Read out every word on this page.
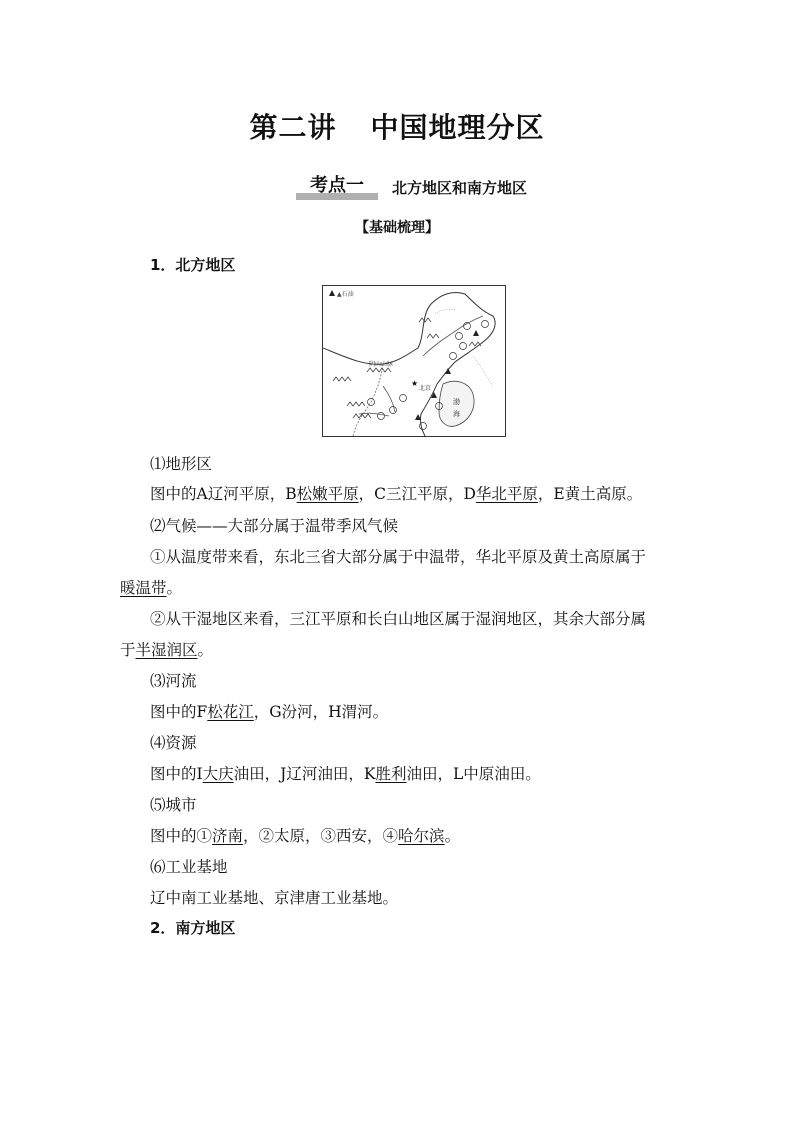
第二讲 中国地理分区
考点一	北方地区和南方地区
【基础梳理】
1．北方地区
▲石油
渤
海
阴山山脉
★
北京
⑴地形区
图中的A辽河平原，B松嫩平原，C三江平原，D华北平原，E黄土高原。
⑵气候——大部分属于温带季风气候
①从温度带来看，东北三省大部分属于中温带，华北平原及黄土高原属于
暖温带。
②从干湿地区来看，三江平原和长白山地区属于湿润地区，其余大部分属
于半湿润区。
⑶河流
图中的F松花江，G汾河，H渭河。
⑷资源
图中的I大庆油田，J辽河油田，K胜利油田，L中原油田。
⑸城市
图中的①济南，②太原，③西安，④哈尔滨。
⑹工业基地
辽中南工业基地、京津唐工业基地。
2．南方地区
